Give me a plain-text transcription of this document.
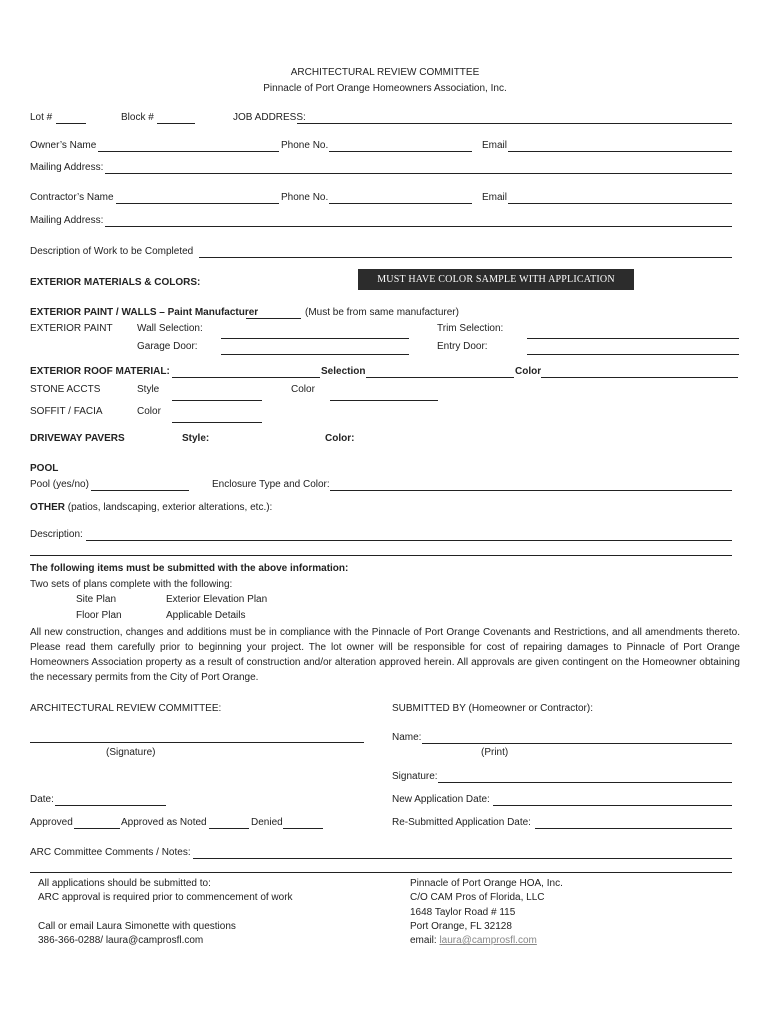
ARCHITECTURAL REVIEW COMMITTEE
Pinnacle of Port Orange Homeowners Association, Inc.
Lot #	Block #	JOB ADDRESS:
Owner’s Name	Phone No.	Email
Mailing Address:
Contractor’s Name	Phone No.	Email
Mailing Address:
Description of Work to be Completed
EXTERIOR MATERIALS & COLORS:	MUST HAVE COLOR SAMPLE WITH APPLICATION
EXTERIOR PAINT / WALLS – Paint Manufacturer	(Must be from same manufacturer)
EXTERIOR PAINT Wall Selection:	Trim Selection:
Garage Door:	Entry Door:
EXTERIOR ROOF MATERIAL:	Selection	Color
STONE ACCTS	Style	Color
SOFFIT / FACIA	Color
DRIVEWAY PAVERS	Style:	Color:
POOL
Pool (yes/no)	Enclosure Type and Color:
OTHER (patios, landscaping, exterior alterations, etc.):
Description:
The following items must be submitted with the above information:
Two sets of plans complete with the following:
Site Plan	Exterior Elevation Plan
Floor Plan	Applicable Details

All new construction, changes and additions must be in compliance with the Pinnacle of Port Orange Covenants and Restrictions, and all amendments thereto. Please read them carefully prior to beginning your project. The lot owner will be responsible for cost of repairing damages to Pinnacle of Port Orange Homeowners Association property as a result of construction and/or alteration approved herein. All approvals are given contingent on the Homeowner obtaining the necessary permits from the City of Port Orange.

ARCHITECTURAL REVIEW COMMITTEE:	SUBMITTED BY (Homeowner or Contractor):
Name:
(Signature)	(Print)
Signature:
Date:	New Application Date:
Approved	Approved as Noted	Denied	Re-Submitted Application Date:
ARC Committee Comments / Notes:
All applications should be submitted to:
ARC approval is required prior to commencement of work
Call or email Laura Simonette with questions
386-366-0288/ laura@camprosfl.com
Pinnacle of Port Orange HOA, Inc.
C/O CAM Pros of Florida, LLC
1648 Taylor Road # 115
Port Orange, FL 32128
email: laura@camprosfl.com
